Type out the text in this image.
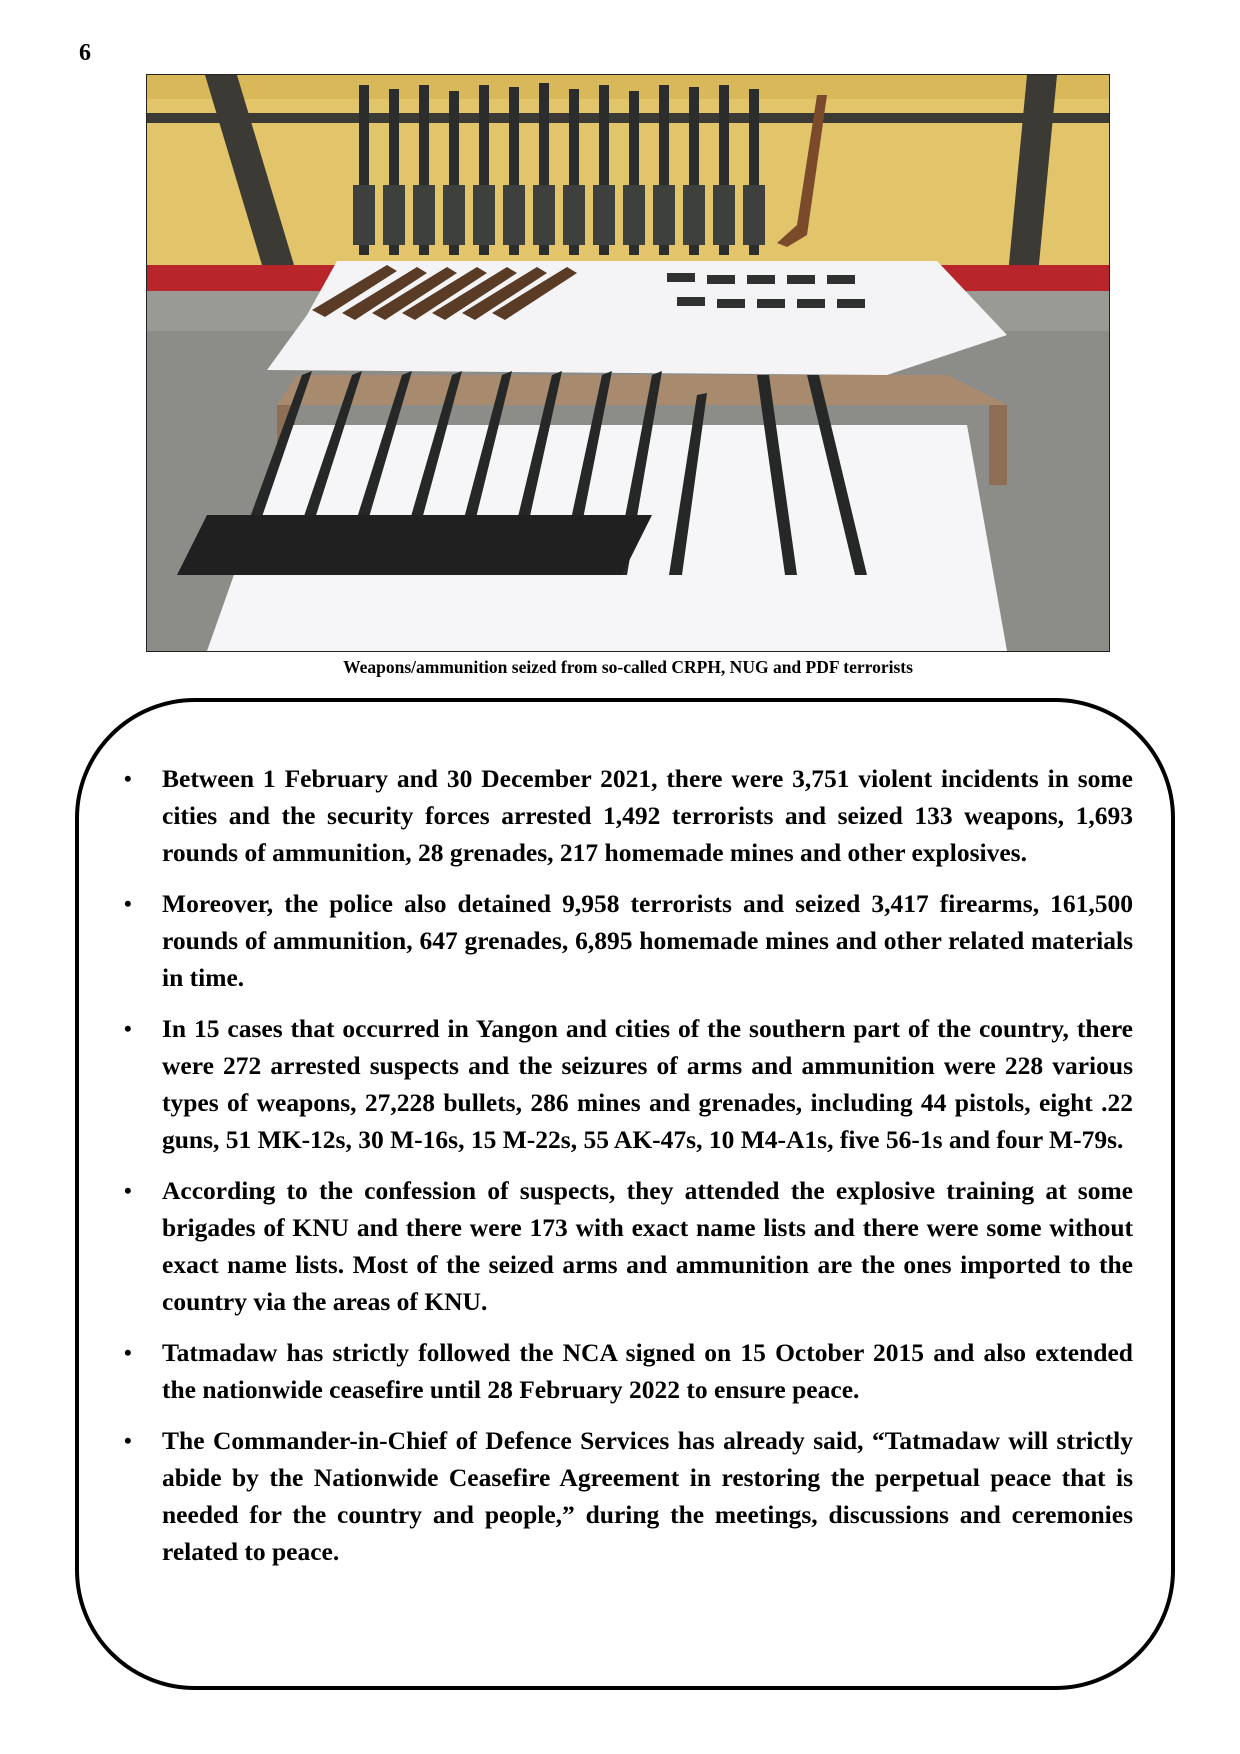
6
Weapons/ammunition seized from so-called CRPH, NUG and PDF terrorists
• Between 1 February and 30 December 2021, there were 3,751 violent incidents in some cities and the security forces arrested 1,492 terrorists and seized 133 weapons, 1,693 rounds of ammunition, 28 grenades, 217 homemade mines and other explosives.
• Moreover, the police also detained 9,958 terrorists and seized 3,417 firearms, 161,500 rounds of ammunition, 647 grenades, 6,895 homemade mines and other related materials in time.
• In 15 cases that occurred in Yangon and cities of the southern part of the country, there were 272 arrested suspects and the seizures of arms and ammunition were 228 various types of weapons, 27,228 bullets, 286 mines and grenades, including 44 pistols, eight .22 guns, 51 MK-12s, 30 M-16s, 15 M-22s, 55 AK-47s, 10 M4-A1s, five 56-1s and four M-79s.
• According to the confession of suspects, they attended the explosive training at some brigades of KNU and there were 173 with exact name lists and there were some without exact name lists. Most of the seized arms and ammunition are the ones imported to the country via the areas of KNU.
• Tatmadaw has strictly followed the NCA signed on 15 October 2015 and also extended the nationwide ceasefire until 28 February 2022 to ensure peace.
• The Commander-in-Chief of Defence Services has already said, “Tatmadaw will strictly abide by the Nationwide Ceasefire Agreement in restoring the perpetual peace that is needed for the country and people,” during the meetings, discussions and ceremonies related to peace.
